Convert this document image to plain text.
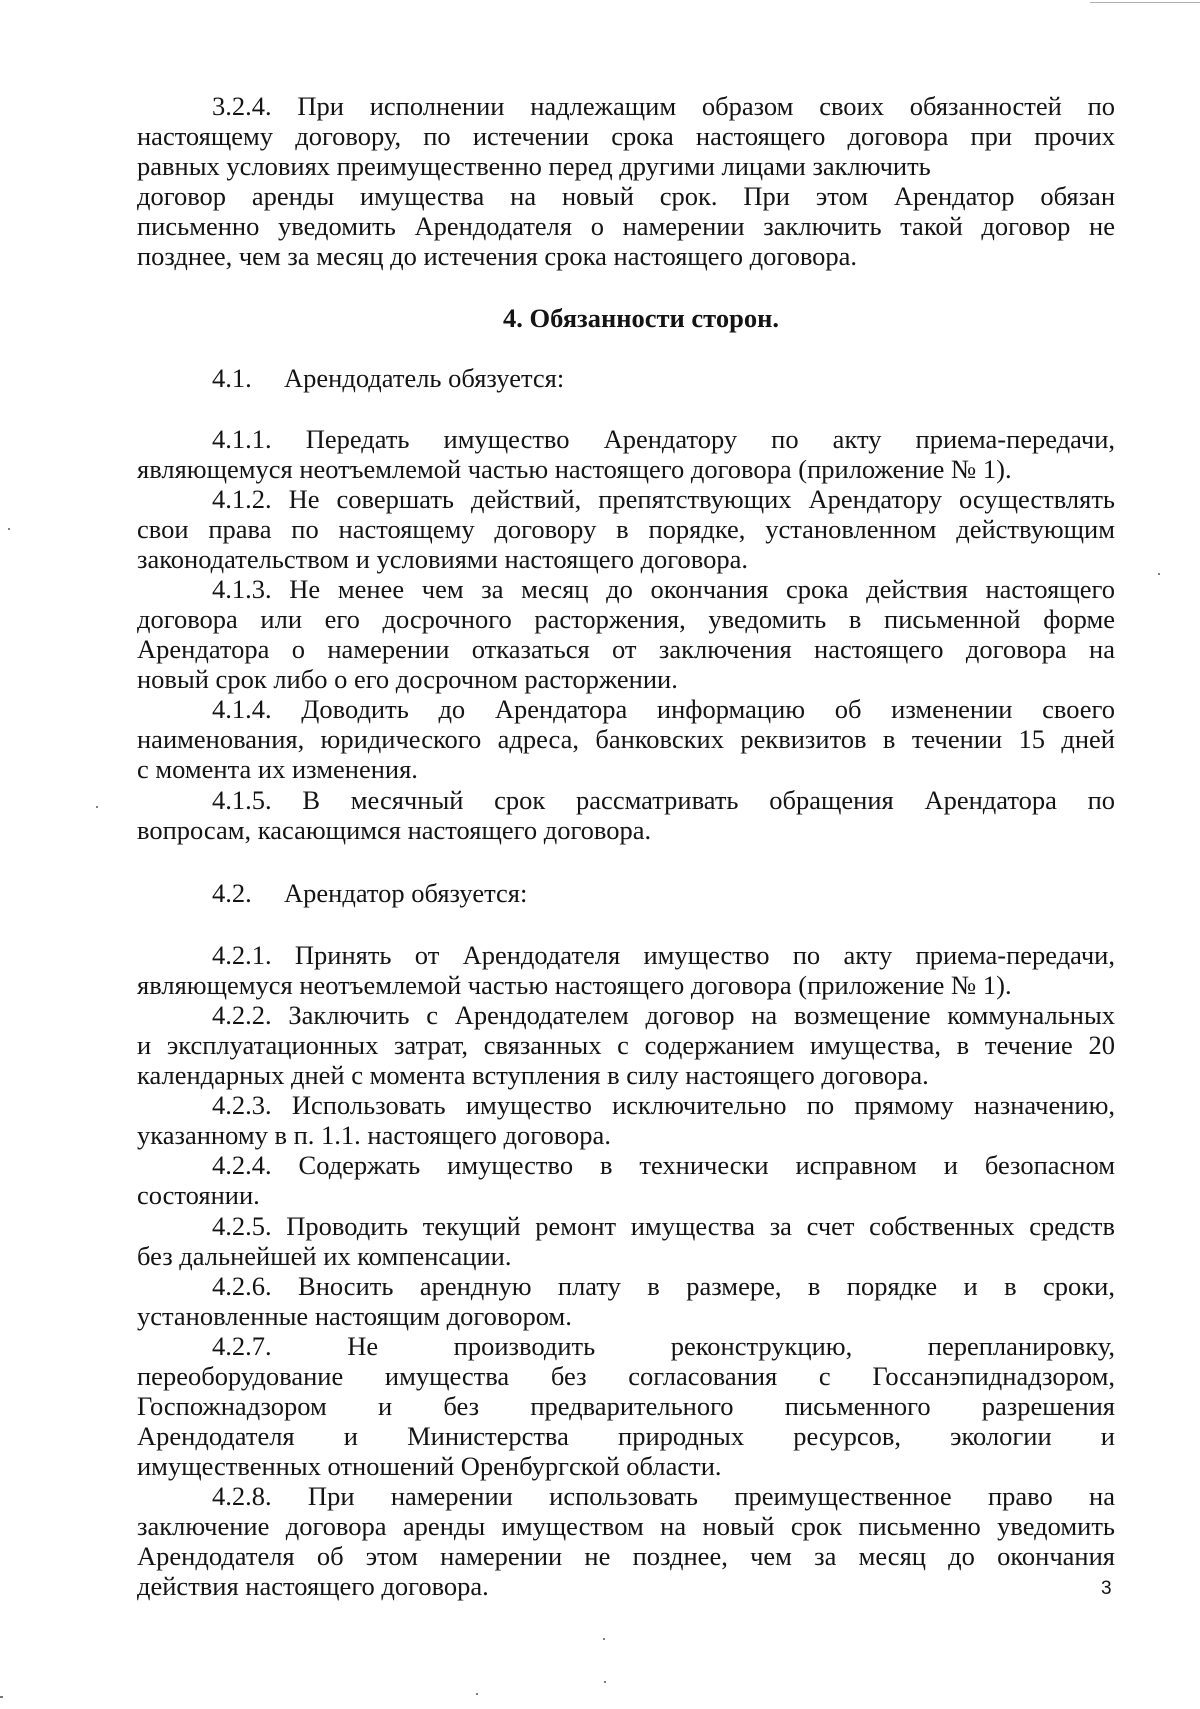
3.2.4. При исполнении надлежащим образом своих обязанностей по
настоящему договору, по истечении срока настоящего договора при прочих
равных условиях преимущественно перед другими лицами заключить
договор аренды имущества на новый срок. При этом Арендатор обязан
письменно уведомить Арендодателя о намерении заключить такой договор не
позднее, чем за месяц до истечения срока настоящего договора.
4. Обязанности сторон.
4.1. Арендодатель обязуется:
4.1.1. Передать имущество Арендатору по акту приема-передачи,
являющемуся неотъемлемой частью настоящего договора (приложение № 1).
4.1.2. Не совершать действий, препятствующих Арендатору осуществлять
свои права по настоящему договору в порядке, установленном действующим
законодательством и условиями настоящего договора.
4.1.3. Не менее чем за месяц до окончания срока действия настоящего
договора или его досрочного расторжения, уведомить в письменной форме
Арендатора о намерении отказаться от заключения настоящего договора на
новый срок либо о его досрочном расторжении.
4.1.4. Доводить до Арендатора информацию об изменении своего
наименования, юридического адреса, банковских реквизитов в течении 15 дней
с момента их изменения.
4.1.5. В месячный срок рассматривать обращения Арендатора по
вопросам, касающимся настоящего договора.
4.2. Арендатор обязуется:
4.2.1. Принять от Арендодателя имущество по акту приема-передачи,
являющемуся неотъемлемой частью настоящего договора (приложение № 1).
4.2.2. Заключить с Арендодателем договор на возмещение коммунальных
и эксплуатационных затрат, связанных с содержанием имущества, в течение 20
календарных дней с момента вступления в силу настоящего договора.
4.2.3. Использовать имущество исключительно по прямому назначению,
указанному в п. 1.1. настоящего договора.
4.2.4. Содержать имущество в технически исправном и безопасном
состоянии.
4.2.5. Проводить текущий ремонт имущества за счет собственных средств
без дальнейшей их компенсации.
4.2.6. Вносить арендную плату в размере, в порядке и в сроки,
установленные настоящим договором.
4.2.7. Не производить реконструкцию, перепланировку,
переоборудование имущества без согласования с Госсанэпиднадзором,
Госпожнадзором и без предварительного письменного разрешения
Арендодателя и Министерства природных ресурсов, экологии и
имущественных отношений Оренбургской области.
4.2.8. При намерении использовать преимущественное право на
заключение договора аренды имуществом на новый срок письменно уведомить
Арендодателя об этом намерении не позднее, чем за месяц до окончания
действия настоящего договора.	3
